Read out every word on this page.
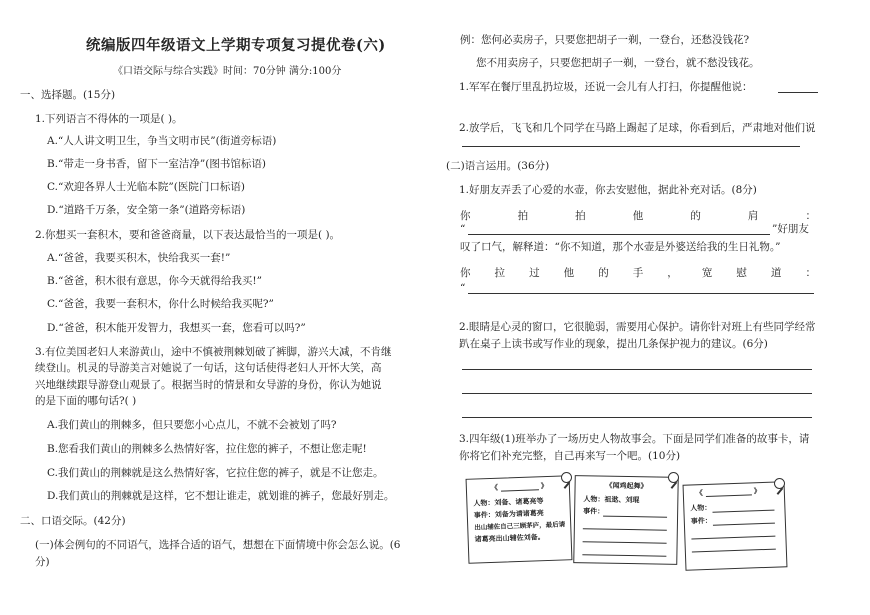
统编版四年级语文上学期专项复习提优卷(六)
《口语交际与综合实践》时间：70分钟 满分:100分
一、选择题。(15分)
1.下列语言不得体的一项是( )。
A.“人人讲文明卫生，争当文明市民”(街道旁标语)
B.“带走一身书香，留下一室洁净”(图书馆标语)
C.“欢迎各界人士光临本院”(医院门口标语)
D.“道路千万条，安全第一条”(道路旁标语)
2.你想买一套积木，要和爸爸商量，以下表达最恰当的一项是( )。
A.“爸爸，我要买积木，快给我买一套!”
B.“爸爸，积木很有意思，你今天就得给我买!”
C.“爸爸，我要一套积木，你什么时候给我买呢?”
D.“爸爸，积木能开发智力，我想买一套，您看可以吗?”
3.有位美国老妇人来游黄山，途中不慎被荆棘划破了裤脚，游兴大减，不肯继
续登山。机灵的导游美言对她说了一句话，这句话使得老妇人开怀大笑，高
兴地继续跟导游登山观景了。根据当时的情景和女导游的身份，你认为她说
的是下面的哪句话?( )
A.我们黄山的荆棘多，但只要您小心点儿，不就不会被划了吗?
B.您看我们黄山的荆棘多么热情好客，拉住您的裤子，不想让您走呢!
C.我们黄山的荆棘就是这么热情好客，它拉住您的裤子，就是不让您走。
D.我们黄山的荆棘就是这样，它不想让谁走，就划谁的裤子，您最好别走。
二、口语交际。(42分)
(一)体会例句的不同语气，选择合适的语气，想想在下面情境中你会怎么说。(6
分)
例：您何必卖房子，只要您把胡子一剃，一登台，还愁没钱花?
您不用卖房子，只要您把胡子一剃，一登台，就不愁没钱花。
1.军军在餐厅里乱扔垃圾，还说一会儿有人打扫，你提醒他说：
2.放学后，飞飞和几个同学在马路上踢起了足球，你看到后，严肃地对他们说
(二)语言运用。(36分)
1.好朋友弄丢了心爱的水壶，你去安慰他，据此补充对话。(8分)
你	拍	拍	他	的	肩	：
“	”好朋友
叹了口气，解释道：“你不知道，那个水壶是外婆送给我的生日礼物。”
你 拉 过 他 的 手 ， 宽 慰 道 ：
“
2.眼睛是心灵的窗口，它很脆弱，需要用心保护。请你针对班上有些同学经常
趴在桌子上读书或写作业的现象，提出几条保护视力的建议。(6分)
3.四年级(1)班举办了一场历史人物故事会。下面是同学们准备的故事卡，请
你将它们补充完整，自己再来写一个吧。(10分)
《	》
人物：刘备、诸葛亮等
事件：刘备为请诸葛亮
出山辅佐自己三顾茅庐，最后请
诸葛亮出山辅佐刘备。
《闻鸡起舞》
人物：祖逖、刘琨
事件：
《	》
人物：
事件：
